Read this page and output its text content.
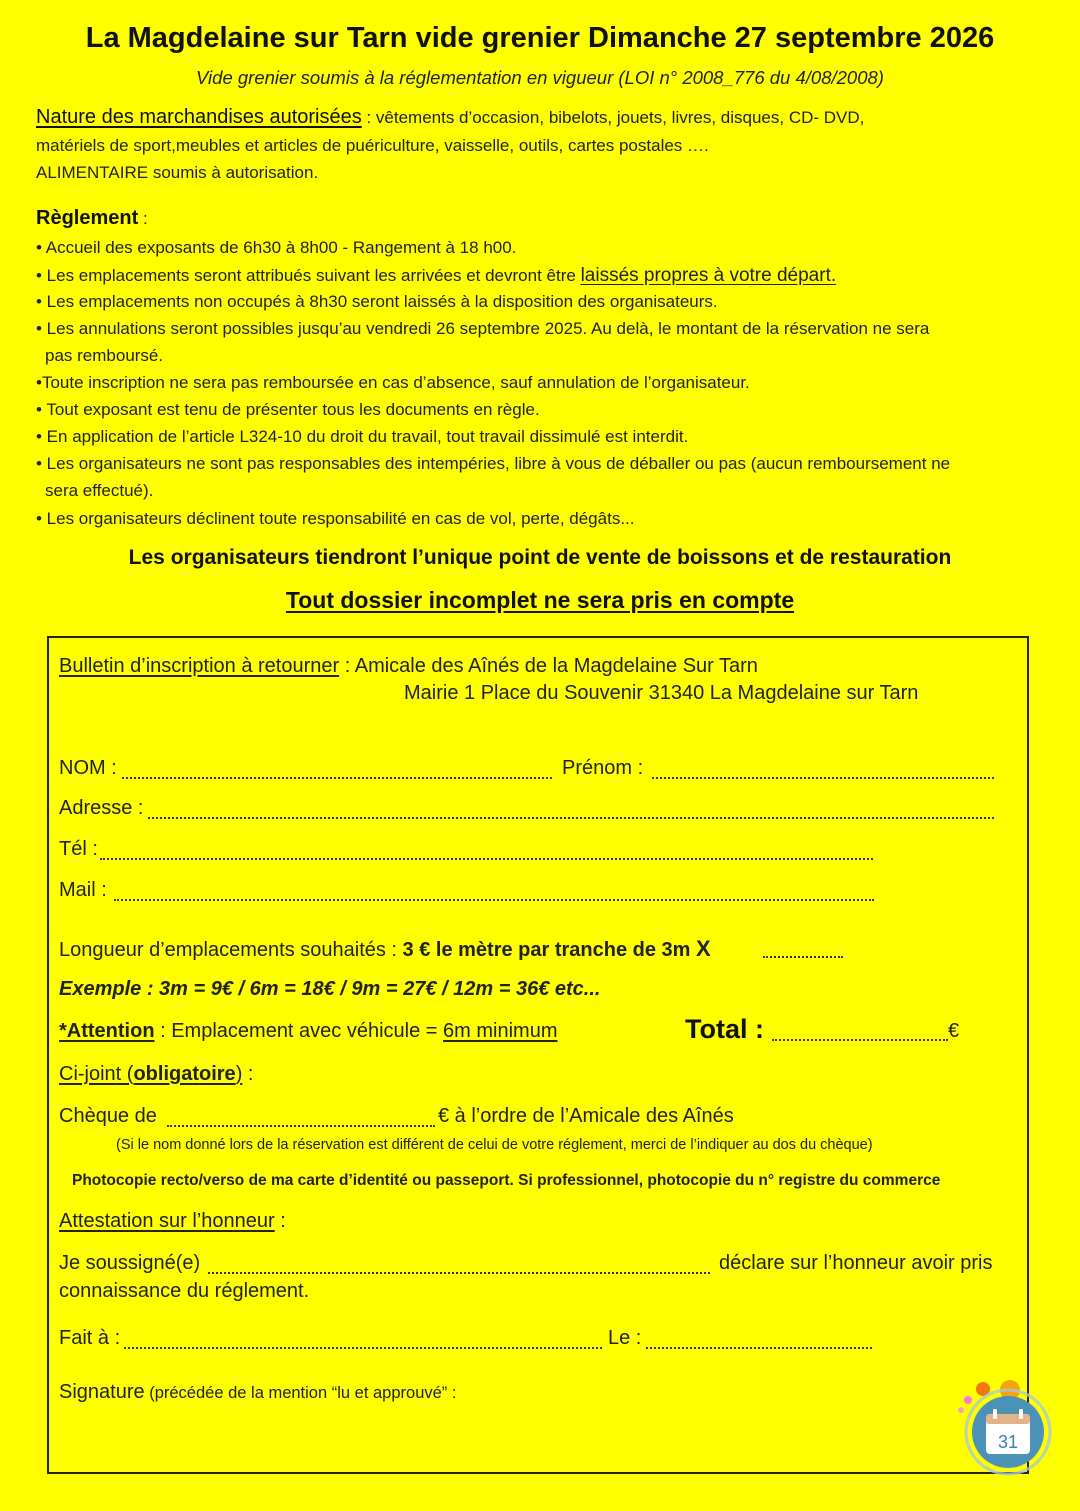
La Magdelaine sur Tarn vide grenier Dimanche 27 septembre 2026
Vide grenier soumis à la réglementation en vigueur (LOI n° 2008_776 du 4/08/2008)
Nature des marchandises autorisées : vêtements d’occasion, bibelots, jouets, livres, disques, CD- DVD,
matériels de sport,meubles et articles de puériculture, vaisselle, outils, cartes postales ….
ALIMENTAIRE soumis à autorisation.
Règlement :
• Accueil des exposants de 6h30 à 8h00 - Rangement à 18 h00.
• Les emplacements seront attribués suivant les arrivées et devront être laissés propres à votre départ.
• Les emplacements non occupés à 8h30 seront laissés à la disposition des organisateurs.
• Les annulations seront possibles jusqu’au vendredi 26 septembre 2025. Au delà, le montant de la réservation ne sera
pas remboursé.
•Toute inscription ne sera pas remboursée en cas d’absence, sauf annulation de l’organisateur.
• Tout exposant est tenu de présenter tous les documents en règle.
• En application de l’article L324-10 du droit du travail, tout travail dissimulé est interdit.
• Les organisateurs ne sont pas responsables des intempéries, libre à vous de déballer ou pas (aucun remboursement ne
sera effectué).
• Les organisateurs déclinent toute responsabilité en cas de vol, perte, dégâts...
Les organisateurs tiendront l’unique point de vente de boissons et de restauration
Tout dossier incomplet ne sera pris en compte
Bulletin d’inscription à retourner : Amicale des Aînés de la Magdelaine Sur Tarn
Mairie 1 Place du Souvenir 31340 La Magdelaine sur Tarn
NOM :	Prénom :
Adresse :
Tél :
Mail :
Longueur d’emplacements souhaités : 3 € le mètre par tranche de 3m X
Exemple : 3m = 9€ / 6m = 18€ / 9m = 27€ / 12m = 36€ etc...
*Attention : Emplacement avec véhicule = 6m minimum	Total :	€
Ci-joint (obligatoire) :
Chèque de	€ à l’ordre de l’Amicale des Aînés
(Si le nom donné lors de la réservation est différent de celui de votre réglement, merci de l’indiquer au dos du chèque)
Photocopie recto/verso de ma carte d’identité ou passeport. Si professionnel, photocopie du n° registre du commerce
Attestation sur l’honneur :
Je soussigné(e)	déclare sur l’honneur avoir pris
connaissance du réglement.
Fait à :	Le :
Signature (précédée de la mention “lu et approuvé” :
31
